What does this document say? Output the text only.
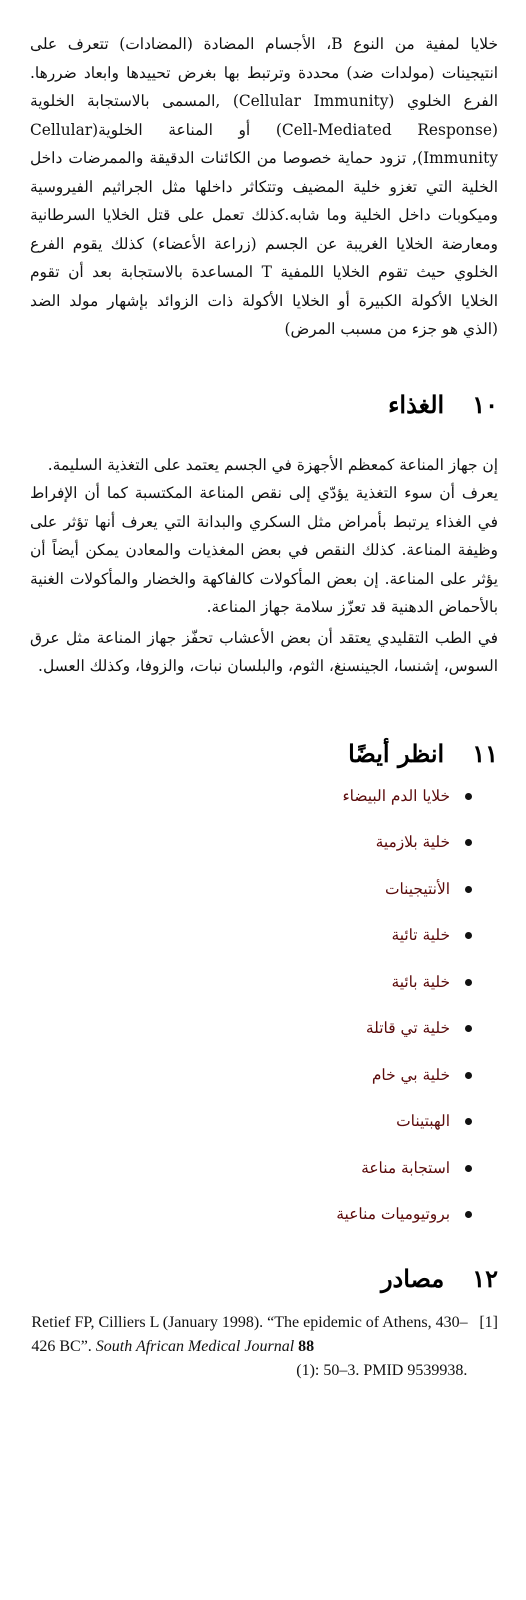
خلايا لمفية من النوع B، الأجسام المضادة (المضادات) تتعرف على انتيجينات (مولدات ضد) محددة وترتبط بها بغرض تحييدها وابعاد ضررها. الفرع الخلوي (Cellular Immunity) ,المسمى بالاستجابة الخلوية (Cell-Mediated Response) أو المناعة الخلوية(Cellular Immunity), تزود حماية خصوصا من الكائنات الدقيقة والممرضات داخل الخلية التي تغزو خلية المضيف وتتكاثر داخلها مثل الجراثيم الفيروسية وميكوبات داخل الخلية وما شابه.كذلك تعمل على قتل الخلايا السرطانية ومعارضة الخلايا الغريبة عن الجسم (زراعة الأعضاء) كذلك يقوم الفرع الخلوي حيث تقوم الخلايا اللمفية T المساعدة بالاستجابة بعد أن تقوم الخلايا الأكولة الكبيرة أو الخلايا الأكولة ذات الزوائد بإشهار مولد الضد (الذي هو جزء من مسبب المرض)

١٠
الغذاء

إن جهاز المناعة كمعظم الأجهزة في الجسم يعتمد على التغذية السليمة.

يعرف أن سوء التغذية يؤدّي إلى نقص المناعة المكتسبة كما أن الإفراط في الغذاء يرتبط بأمراض مثل السكري والبدانة التي يعرف أنها تؤثر على وظيفة المناعة. كذلك النقص في بعض المغذيات والمعادن يمكن أيضاً أن يؤثر على المناعة. إن بعض المأكولات كالفاكهة والخضار والمأكولات الغنية بالأحماض الدهنية قد تعزّز سلامة جهاز المناعة.

في الطب التقليدي يعتقد أن بعض الأعشاب تحفّز جهاز المناعة مثل عرق السوس، إشنسا، الجينسنغ، الثوم، والبلسان نبات، والزوفا، وكذلك العسل.

١١
انظر أيضًا
خلايا الدم البيضاء
خلية بلازمية
الأنتيجينات
خلية تائية
خلية بائية
خلية تي قاتلة
خلية بي خام
الهبتينات
استجابة مناعة
بروتيوميات مناعية
١٢
مصادر
[1]
Retief FP, Cilliers L (January 1998). “The epidemic of Athens, 430–426 BC”. South African Medical Journal 88
(1): 50–3. PMID 9539938.
